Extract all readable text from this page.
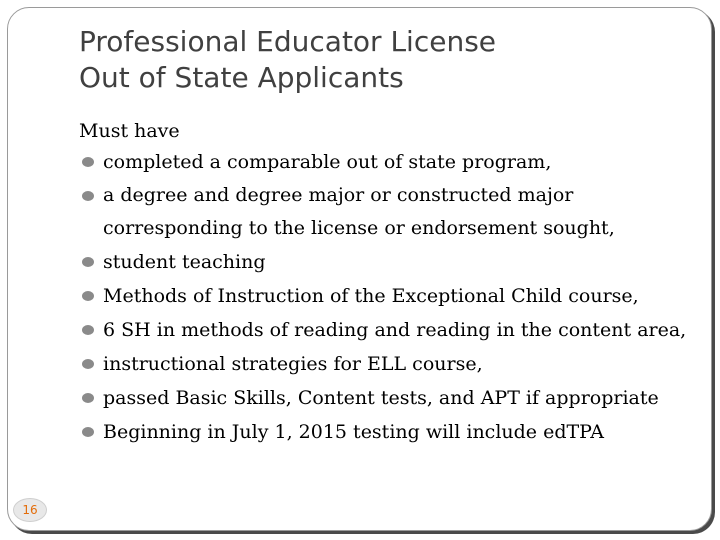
Professional Educator License
Out of State Applicants
Must have
completed a comparable out of state program,
a degree and degree major or constructed major corresponding to the license or endorsement sought,
student teaching
Methods of Instruction of the Exceptional Child course,
6 SH in methods of reading and reading in the content area,
instructional strategies for ELL course,
passed Basic Skills, Content tests, and APT if appropriate
Beginning in July 1, 2015 testing will include edTPA
16
